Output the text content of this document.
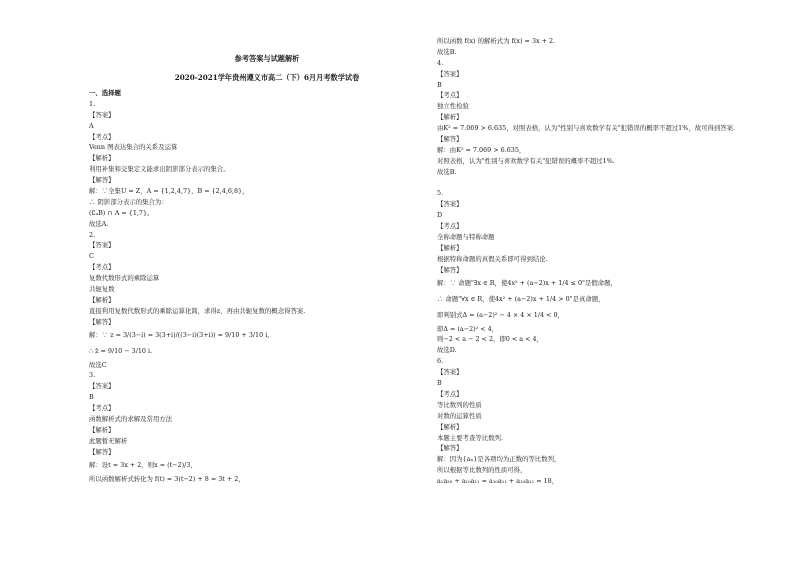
参考答案与试题解析
2020-2021学年贵州遵义市高二（下）6月月考数学试卷
一、选择题
1.
【答案】
A
【考点】
Venn 图表达集合的关系及运算
【解析】
利用补集和交集定义能求出阴影部分表示的集合。
【解答】
解：∵全集U = Z，A = {1,2,4,7}，B = {2,4,6,8}，
∴ 阴影部分表示的集合为：
(∁ᵤB) ∩ A = {1,7}。
故选A.
2.
【答案】
C
【考点】
复数代数形式的乘除运算
共轭复数
【解析】
直接利用复数代数形式的乘除运算化简，求得z，再由共轭复数的概念得答案.
【解答】
解：∵ z = 3/(3−i) = 3(3+i)/((3−i)(3+i)) = 9/10 + 3/10 i,
∴ z̄ = 9/10 − 3/10 i.
故选C
3.
【答案】
B
【考点】
函数解析式的求解及常用方法
【解析】
此题暂无解析
【解答】
解：设t = 3x + 2，则x = (t−2)/3，
所以函数解析式转化为 f(t) = 3(t−2) + 8 = 3t + 2，
所以函数 f(x) 的解析式为 f(x) = 3x + 2.
故选B.
4.
【答案】
B
【考点】
独立性检验
【解析】
由K² = 7.069 > 6.635，对照表格，认为"性别与喜欢数学有关"犯错误的概率不超过1%，故可得到答案.
【解答】
解：由K² = 7.069 > 6.635，
对照表格，认为"性别与喜欢数学有关"犯错误的概率不超过1%.
故选B.
5.
【答案】
D
【考点】
全称命题与特称命题
【解析】
根据特称命题的真假关系即可得到结论.
【解答】
解：∵ 命题"∃x ∈ R，使4x² + (a−2)x + 1/4 ≤ 0"是假命题，
∴ 命题"∀x ∈ R，使4x² + (a−2)x + 1/4 > 0"是真命题，
即判别式Δ = (a−2)² − 4 × 4 × 1/4 < 0，
即Δ = (a−2)² < 4，
则−2 < a − 2 < 2，即0 < a < 4，
故选D.
6.
【答案】
B
【考点】
等比数列的性质
对数的运算性质
【解析】
本题主要考查等比数列.
【解答】
解：因为{aₙ}是各项均为正数的等比数列，
所以根据等比数列的性质可得，
a₁a₂₀ + a₁₀a₁₁ = a₁₀a₁₁ + a₁₀a₁₁ = 18，
